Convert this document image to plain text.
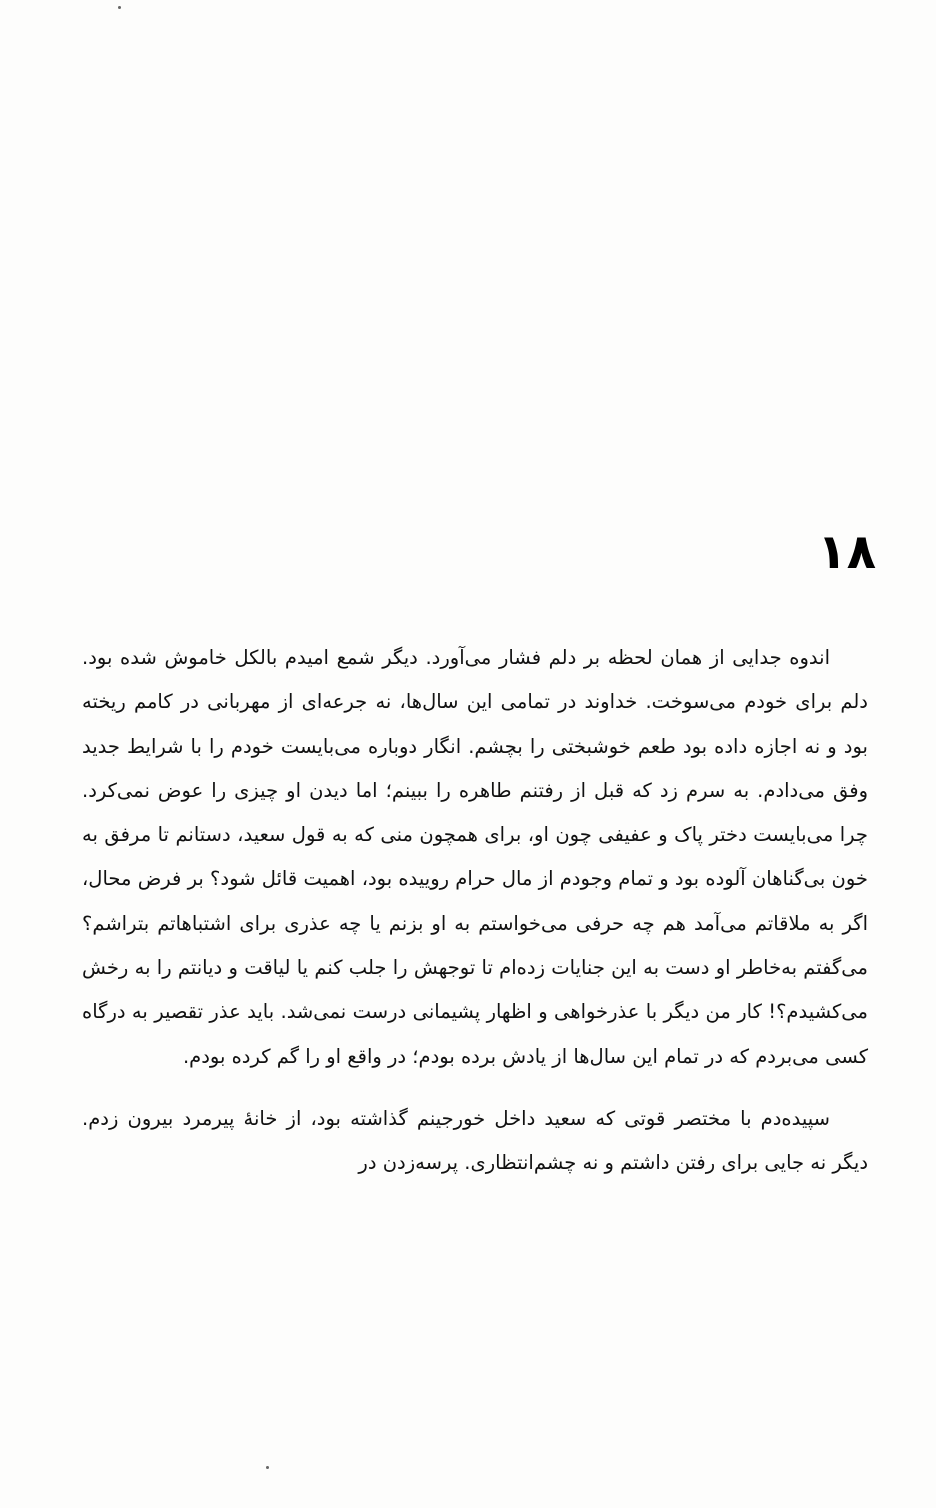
۱۸

اندوه جدایی از همان لحظه بر دلم فشار می‌آورد. دیگر شمع امیدم بالکل خاموش شده بود. دلم برای خودم می‌سوخت. خداوند در تمامی این سال‌ها، نه جرعه‌ای از مهربانی در کامم ریخته بود و نه اجازه داده بود طعم خوشبختی را بچشم. انگار دوباره می‌بایست خودم را با شرایط جدید وفق می‌دادم. به سرم زد که قبل از رفتنم طاهره را ببینم؛ اما دیدن او چیزی را عوض نمی‌کرد. چرا می‌بایست دختر پاک و عفیفی چون او، برای همچون منی که به قول سعید، دستانم تا مرفق به خون بی‌گناهان آلوده بود و تمام وجودم از مال حرام روییده بود، اهمیت قائل شود؟ بر فرض محال، اگر به ملاقاتم می‌آمد هم چه حرفی می‌خواستم به او بزنم یا چه عذری برای اشتباهاتم بتراشم؟ می‌گفتم به‌خاطر او دست به این جنایات زده‌ام تا توجهش را جلب کنم یا لیاقت و دیانتم را به رخش می‌کشیدم؟! کار من دیگر با عذرخواهی و اظهار پشیمانی درست نمی‌شد. باید عذر تقصیر به درگاه کسی می‌بردم که در تمام این سال‌ها از یادش برده بودم؛ در واقع او را گم کرده بودم.

سپیده‌دم با مختصر قوتی که سعید داخل خورجینم گذاشته بود، از خانهٔ پیرمرد بیرون زدم. دیگر نه جایی برای رفتن داشتم و نه چشم‌انتظاری. پرسه‌زدن در
